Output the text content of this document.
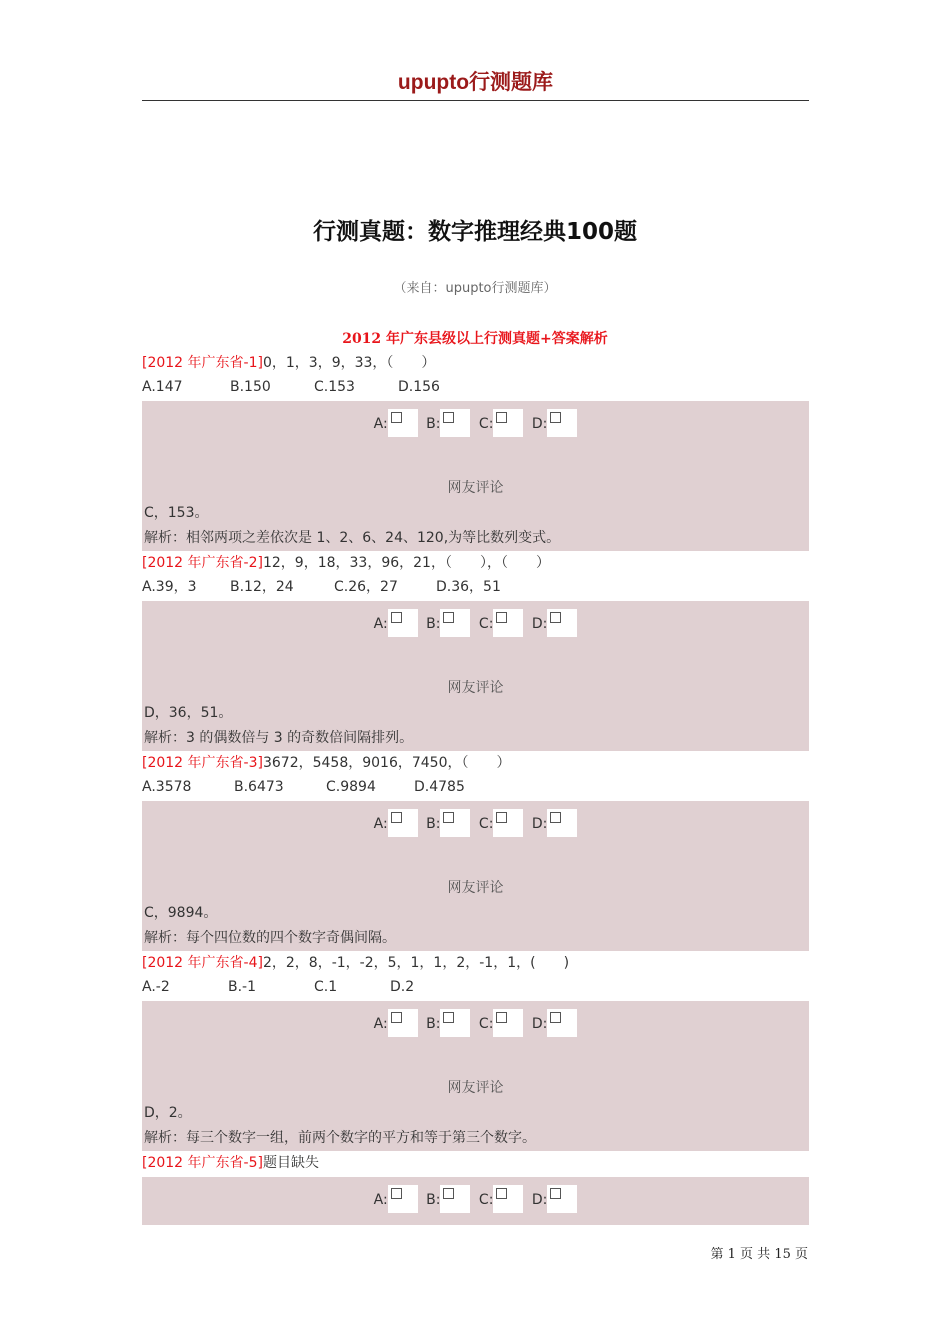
upupto行测题库
行测真题：数字推理经典100题
（来自：upupto行测题库）
2012 年广东县级以上行测真题+答案解析
[2012 年广东省-1]0，1，3，9，33，（　　）
A.147	B.150	C.153	D.156
A:	B:	C:	D:
网友评论
C，153。
解析：相邻两项之差依次是 1、2、6、24、120,为等比数列变式。
[2012 年广东省-2]12，9，18，33，96，21，（　　），（　　）
A.39，3 B.12，24	C.26，27	D.36，51
A:	B:	C:	D:
网友评论
D，36，51。
解析：3 的偶数倍与 3 的奇数倍间隔排列。
[2012 年广东省-3]3672，5458，9016，7450，（　　）
A.3578	B.6473	C.9894	D.4785
A:	B:	C:	D:
网友评论
C，9894。
解析：每个四位数的四个数字奇偶间隔。
[2012 年广东省-4]2，2，8，-1，-2，5，1，1，2，-1，1，(　　)
A.-2	B.-1	C.1	D.2
A:	B:	C:	D:
网友评论
D，2。
解析：每三个数字一组，前两个数字的平方和等于第三个数字。
[2012 年广东省-5]题目缺失
A:	B:	C:	D:
第 1 页 共 15 页
